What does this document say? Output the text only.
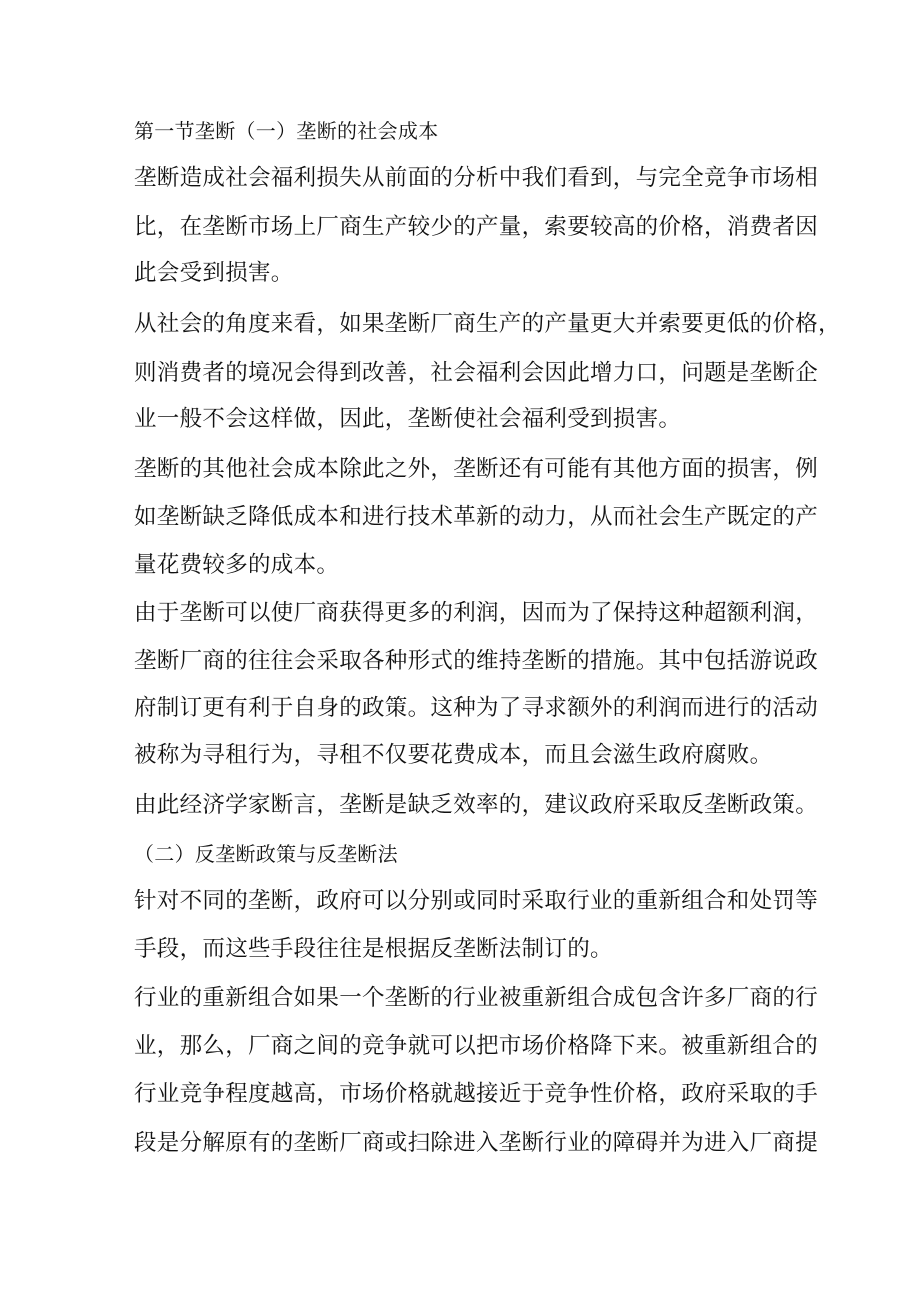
第一节垄断（一）垄断的社会成本
垄断造成社会福利损失从前面的分析中我们看到，与完全竞争市场相
比，在垄断市场上厂商生产较少的产量，索要较高的价格，消费者因
此会受到损害。
从社会的角度来看，如果垄断厂商生产的产量更大并索要更低的价格，
则消费者的境况会得到改善，社会福利会因此增力口，问题是垄断企
业一般不会这样做，因此，垄断使社会福利受到损害。
垄断的其他社会成本除此之外，垄断还有可能有其他方面的损害，例
如垄断缺乏降低成本和进行技术革新的动力，从而社会生产既定的产
量花费较多的成本。
由于垄断可以使厂商获得更多的利润，因而为了保持这种超额利润，
垄断厂商的往往会采取各种形式的维持垄断的措施。其中包括游说政
府制订更有利于自身的政策。这种为了寻求额外的利润而进行的活动
被称为寻租行为，寻租不仅要花费成本，而且会滋生政府腐败。
由此经济学家断言，垄断是缺乏效率的，建议政府采取反垄断政策。
（二）反垄断政策与反垄断法
针对不同的垄断，政府可以分别或同时采取行业的重新组合和处罚等
手段，而这些手段往往是根据反垄断法制订的。
行业的重新组合如果一个垄断的行业被重新组合成包含许多厂商的行
业，那么，厂商之间的竞争就可以把市场价格降下来。被重新组合的
行业竞争程度越高，市场价格就越接近于竞争性价格，政府采取的手
段是分解原有的垄断厂商或扫除进入垄断行业的障碍并为进入厂商提
